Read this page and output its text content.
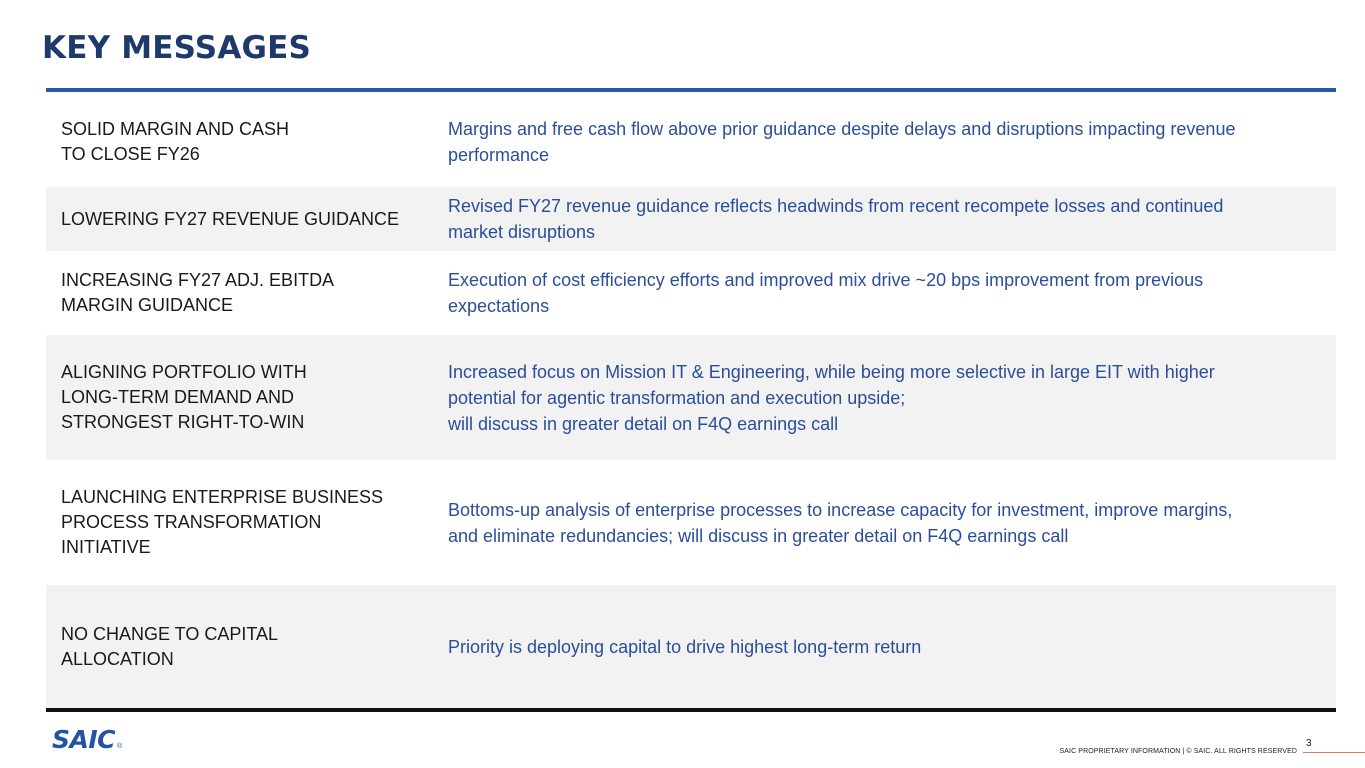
KEY MESSAGES
SOLID MARGIN AND CASH
TO CLOSE FY26
Margins and free cash flow above prior guidance despite delays and disruptions impacting revenue
performance
LOWERING FY27 REVENUE GUIDANCE
Revised FY27 revenue guidance reflects headwinds from recent recompete losses and continued
market disruptions
INCREASING FY27 ADJ. EBITDA
MARGIN GUIDANCE
Execution of cost efficiency efforts and improved mix drive ~20 bps improvement from previous
expectations
ALIGNING PORTFOLIO WITH
LONG-TERM DEMAND AND
STRONGEST RIGHT-TO-WIN
Increased focus on Mission IT & Engineering, while being more selective in large EIT with higher
potential for agentic transformation and execution upside;
will discuss in greater detail on F4Q earnings call
LAUNCHING ENTERPRISE BUSINESS
PROCESS TRANSFORMATION
INITIATIVE
Bottoms-up analysis of enterprise processes to increase capacity for investment, improve margins,
and eliminate redundancies; will discuss in greater detail on F4Q earnings call
NO CHANGE TO CAPITAL
ALLOCATION
Priority is deploying capital to drive highest long-term return
SAIC ®
SAIC PROPRIETARY INFORMATION | © SAIC. ALL RIGHTS RESERVED
3
